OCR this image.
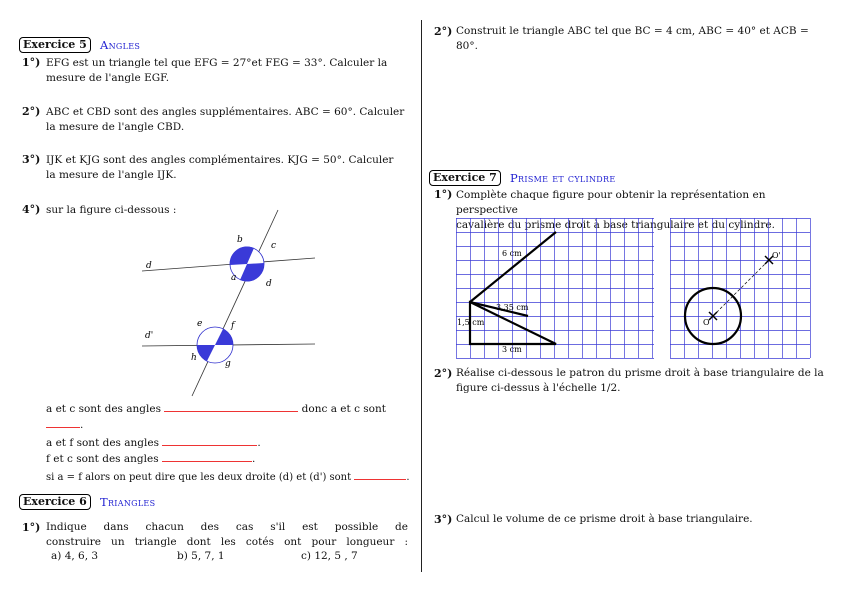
Exercice 5	Angles
1°) EFG est un triangle tel que EFG = 27°et FEG = 33°. Calculer la
mesure de l'angle EGF.
2°) ABC et CBD sont des angles supplémentaires. ABC = 60°. Calculer
la mesure de l'angle CBD.
3°) IJK et KJG sont des angles complémentaires. KJG = 50°. Calculer
la mesure de l'angle IJK.
4°) sur la figure ci-dessous :
d
d'
b
c
a
d
e	f
h
g
a et c sont des angles	donc a et c sont
.
a et f sont des angles	.
f et c sont des angles	.
si a = f alors on peut dire que les deux droite (d) et (d') sont	.
Exercice 6	Triangles
1°) Indique dans chacun des cas s'il est possible de
construire un triangle dont les cotés ont pour longueur :
a) 4, 6, 3	b) 5, 7, 1	c) 12, 5 , 7
2°) Construit le triangle ABC tel que BC = 4 cm, ABC = 40° et ACB =
80°.
Exercice 7	Prisme et cylindre
1°) Complète chaque figure pour obtenir la représentation en perspective
cavalière du prisme droit à base triangulaire et du cylindre.
6 cm
3,35 cm
1,5 cm
3 cm
O
O'
2°) Réalise ci-dessous le patron du prisme droit à base triangulaire de la
figure ci-dessus à l'échelle 1/2.
3°) Calcul le volume de ce prisme droit à base triangulaire.
